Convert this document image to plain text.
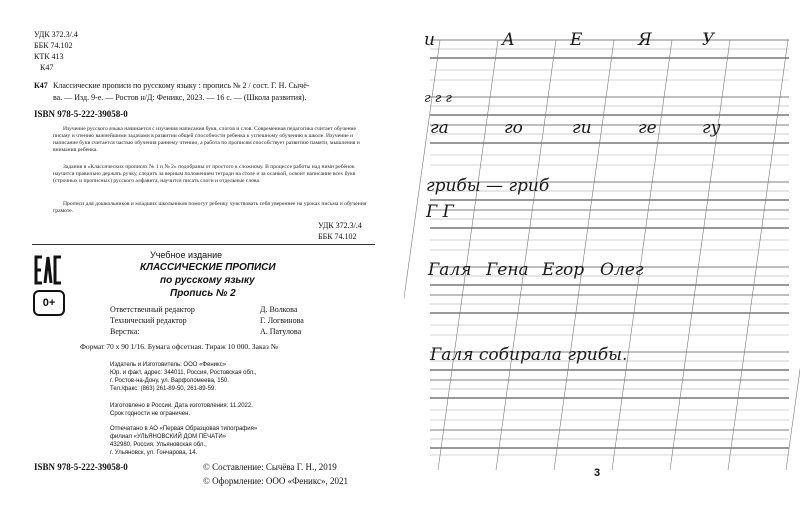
УДК 372.3/.4
ББК 74.102
КТК 413
К47
К47 Классические прописи по русскому языку : пропись № 2 / сост. Г. Н. Сычё-
ва. — Изд. 9-е. — Ростов н/Д: Феникс, 2023. — 16 с. — (Школа развития).
ISBN 978-5-222-39058-0
Изучение русского языка начинается с изучения написания букв, слогов и слов. Современная педагогика считает обучение письму и чтению важнейшими задачами в развитии общей способности ребенка к успешному обучению в школе. Изучение и написание букв считается частью обучения раннему чтению, а работа по прописям способствует развитию памяти, мышления и внимания ребенка.
Задания в «Классических прописях № 1 и № 2» подобраны от простого к сложному. В процессе работы над ними ребёнок научится правильно держать ручку, следить за верным положением тетради на столе и за осанкой, освоит написание всех букв (строчных и прописных) русского алфавита, научится писать слоги и отдельные слова.
Прописи для дошкольников и младших школьников помогут ребенку чувствовать себя увереннее на уроках письма и обучения грамоте.
УДК 372.3/.4
ББК 74.102
Учебное издание
КЛАССИЧЕСКИЕ ПРОПИСИ
по русскому языку
Пропись № 2
0+
Ответственный редактор	Д. Волкова
Технический редактор	Г. Логвинова
Верстка:	А. Патулова
Формат 70 x 90 1/16. Бумага офсетная. Тираж 10 000. Заказ №
Издатель и Изготовитель: ООО «Феникс»
Юр. и факт. адрес: 344011, Россия, Ростовская обл.,
г. Ростов-на-Дону, ул. Варфоломеева, 150.
Тел./факс: (863) 261-89-50, 261-89-59.
Изготовлено в России. Дата изготовления: 11.2022.
Срок годности не ограничен.
Отпечатано в АО «Первая Образцовая типография»
филиал «УЛЬЯНОВСКИЙ ДОМ ПЕЧАТИ»
432980, Россия, Ульяновская обл.,
г. Ульяновск, ул. Гончарова, 14.
ISBN 978-5-222-39058-0	© Составление: Сычёва Г. Н., 2019
© Оформление: ООО «Феникс», 2021
и	А	Е	Я	У
г г г
га	го	ги	ге	гу
грибы — гриб
Г Г
Галя Гена Егор Олег
Галя собирала грибы.
3
